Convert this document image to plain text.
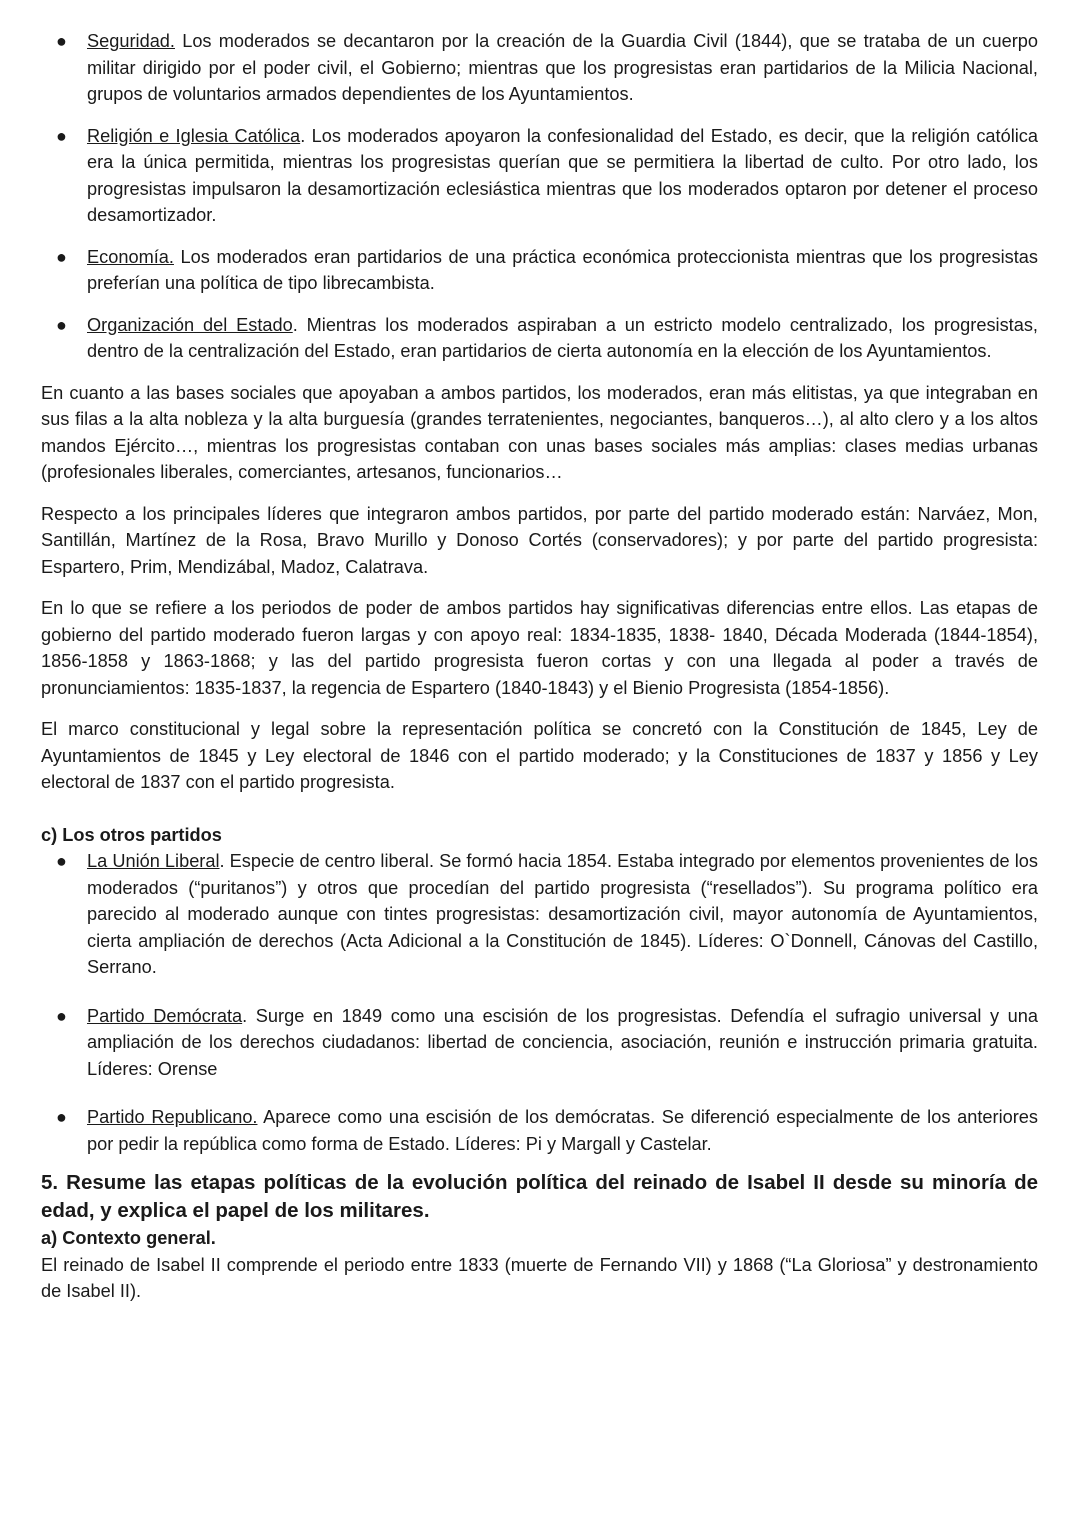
● Seguridad. Los moderados se decantaron por la creación de la Guardia Civil (1844), que se trataba de un cuerpo militar dirigido por el poder civil, el Gobierno; mientras que los progresistas eran partidarios de la Milicia Nacional, grupos de voluntarios armados dependientes de los Ayuntamientos.
● Religión e Iglesia Católica. Los moderados apoyaron la confesionalidad del Estado, es decir, que la religión católica era la única permitida, mientras los progresistas querían que se permitiera la libertad de culto. Por otro lado, los progresistas impulsaron la desamortización eclesiástica mientras que los moderados optaron por detener el proceso desamortizador.
● Economía. Los moderados eran partidarios de una práctica económica proteccionista mientras que los progresistas preferían una política de tipo librecambista.
● Organización del Estado. Mientras los moderados aspiraban a un estricto modelo centralizado, los progresistas, dentro de la centralización del Estado, eran partidarios de cierta autonomía en la elección de los Ayuntamientos.

En cuanto a las bases sociales que apoyaban a ambos partidos, los moderados, eran más elitistas, ya que integraban en sus filas a la alta nobleza y la alta burguesía (grandes terratenientes, negociantes, banqueros…), al alto clero y a los altos mandos Ejército…, mientras los progresistas contaban con unas bases sociales más amplias: clases medias urbanas (profesionales liberales, comerciantes, artesanos, funcionarios…

Respecto a los principales líderes que integraron ambos partidos, por parte del partido moderado están: Narváez, Mon, Santillán, Martínez de la Rosa, Bravo Murillo y Donoso Cortés (conservadores); y por parte del partido progresista: Espartero, Prim, Mendizábal, Madoz, Calatrava.

En lo que se refiere a los periodos de poder de ambos partidos hay significativas diferencias entre ellos. Las etapas de gobierno del partido moderado fueron largas y con apoyo real: 1834-1835, 1838- 1840, Década Moderada (1844-1854), 1856-1858 y 1863-1868; y las del partido progresista fueron cortas y con una llegada al poder a través de pronunciamientos: 1835-1837, la regencia de Espartero (1840-1843) y el Bienio Progresista (1854-1856).

El marco constitucional y legal sobre la representación política se concretó con la Constitución de 1845, Ley de Ayuntamientos de 1845 y Ley electoral de 1846 con el partido moderado; y la Constituciones de 1837 y 1856 y Ley electoral de 1837 con el partido progresista.

c) Los otros partidos

● La Unión Liberal. Especie de centro liberal. Se formó hacia 1854. Estaba integrado por elementos provenientes de los moderados (“puritanos”) y otros que procedían del partido progresista (“resellados”). Su programa político era parecido al moderado aunque con tintes progresistas: desamortización civil, mayor autonomía de Ayuntamientos, cierta ampliación de derechos (Acta Adicional a la Constitución de 1845). Líderes: O`Donnell, Cánovas del Castillo, Serrano.
● Partido Demócrata. Surge en 1849 como una escisión de los progresistas. Defendía el sufragio universal y una ampliación de los derechos ciudadanos: libertad de conciencia, asociación, reunión e instrucción primaria gratuita. Líderes: Orense
● Partido Republicano. Aparece como una escisión de los demócratas. Se diferenció especialmente de los anteriores por pedir la república como forma de Estado. Líderes: Pi y Margall y Castelar.

5. Resume las etapas políticas de la evolución política del reinado de Isabel II desde su minoría de edad, y explica el papel de los militares.

a) Contexto general.

El reinado de Isabel II comprende el periodo entre 1833 (muerte de Fernando VII) y 1868 (“La Gloriosa” y destronamiento de Isabel II).
